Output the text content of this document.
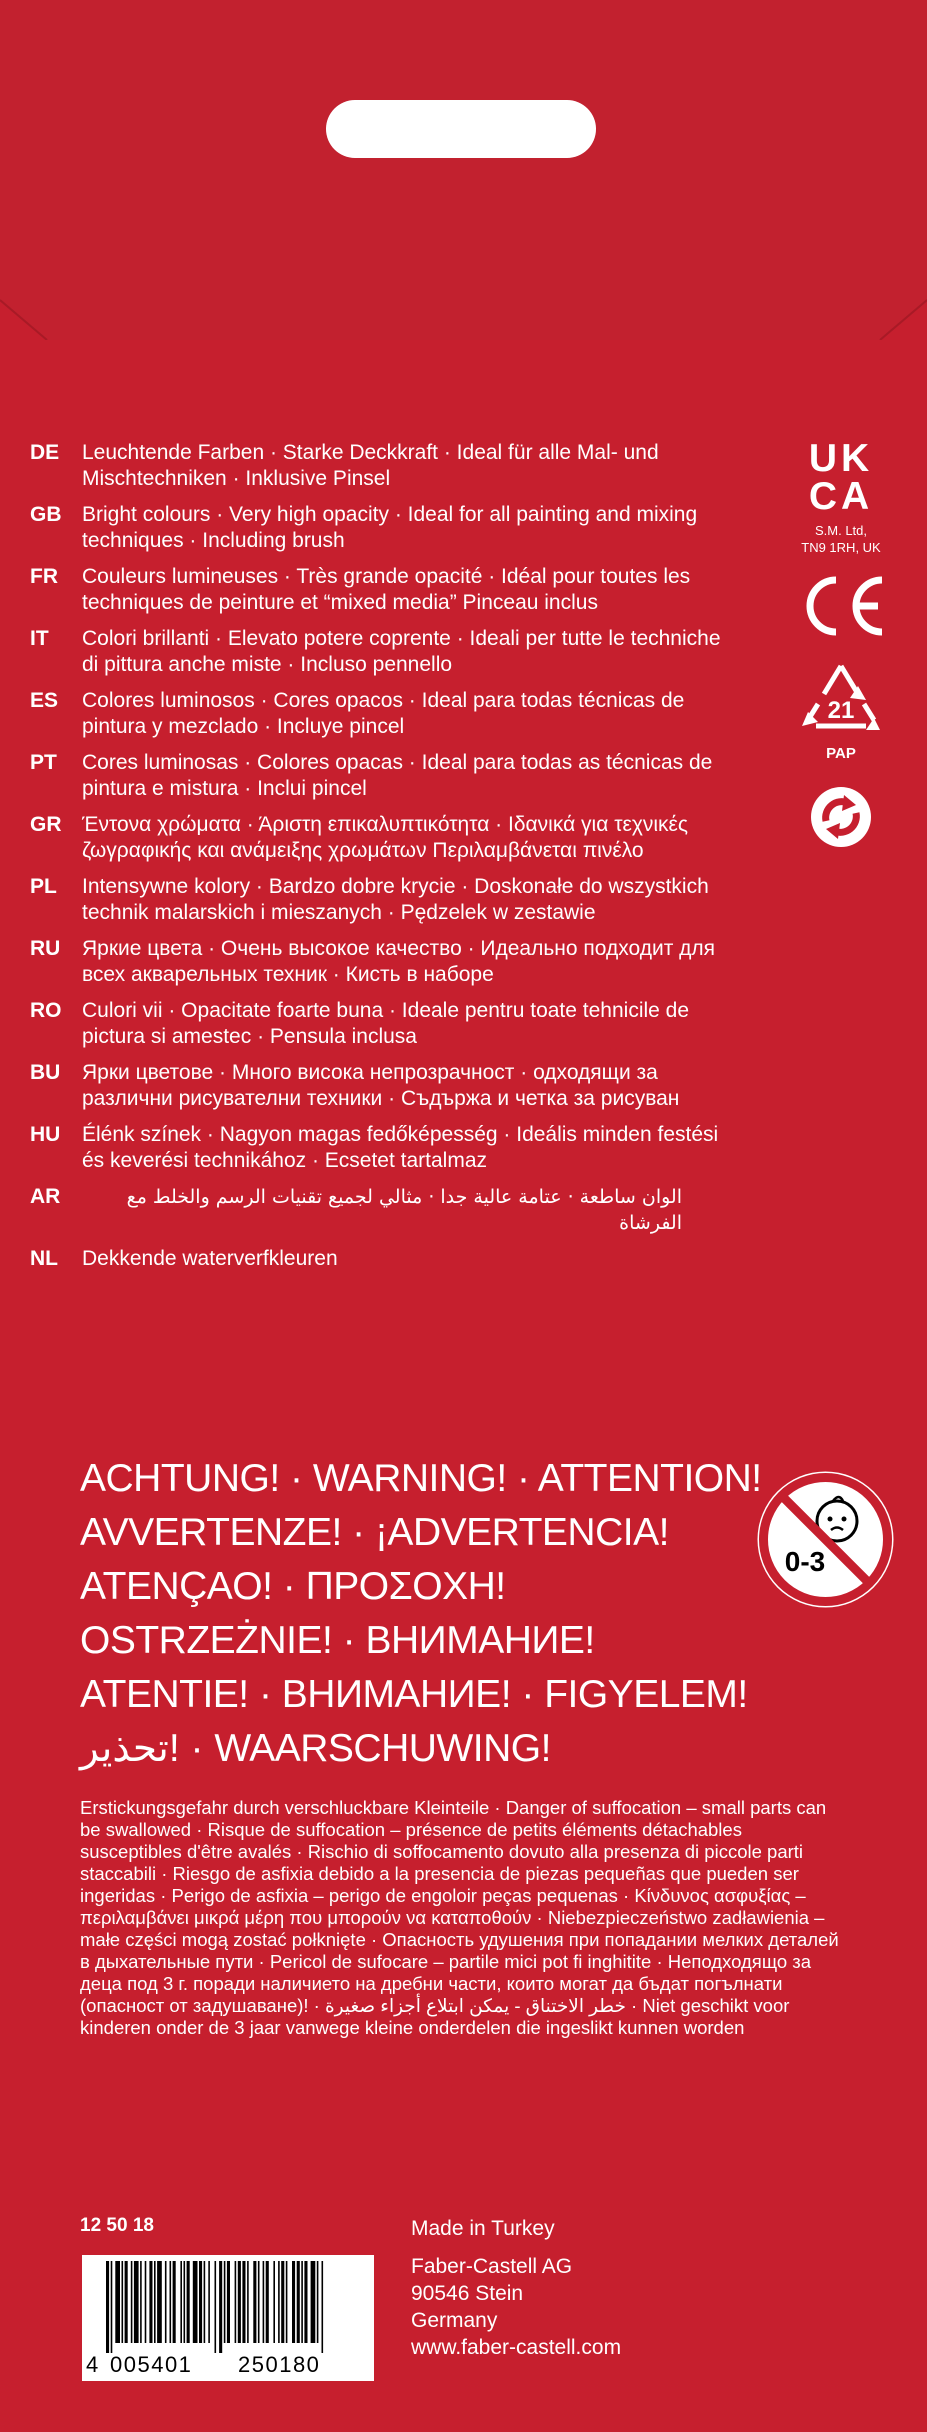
DE	Leuchtende Farben · Starke Deckkraft · Ideal für alle Mal- und Mischtechniken · Inklusive Pinsel
GB Bright colours · Very high opacity · Ideal for all painting and mixing techniques · Including brush
FR	Couleurs lumineuses · Très grande opacité · Idéal pour toutes les techniques de peinture et “mixed media” Pinceau inclus
IT	Colori brillanti · Elevato potere coprente · Ideali per tutte le techniche di pittura anche miste · Incluso pennello
ES	Colores luminosos · Cores opacos · Ideal para todas técnicas de pintura y mezclado · Incluye pincel
PT	Cores luminosas · Colores opacas · Ideal para todas as técnicas de pintura e mistura · Inclui pincel
GR Έντονα χρώματα · Άριστη επικαλυπτικότητα · Ιδανικά για τεχνικές ζωγραφικής και ανάμειξης χρωμάτων Περιλαμβάνεται πινέλο
PL	Intensywne kolory · Bardzo dobre krycie · Doskonałe do wszystkich technik malarskich i mieszanych · Pędzelek w zestawie
RU	Яркие цвета · Очень высокое качество · Идеально подходит для всех акварельных техник · Кисть в наборе
RO Culori vii · Opacitate foarte buna · Ideale pentru toate tehnicile de pictura si amestec · Pensula inclusa
BU	Ярки цветове · Много висока непрозрачност · одходящи за различни рисувателни техники · Съдържа и четка за рисуван
HU	Élénk színek · Nagyon magas fedőképesség · Ideális minden festési és keverési technikához · Ecsetet tartalmaz
AR	الوان ساطعة · عتامة عالية جدا · مثالي لجميع تقنيات الرسم والخلط مع الفرشاة
NL	Dekkende waterverfkleuren
UK
CA
S.M. Ltd,
TN9 1RH, UK
21
PAP
ACHTUNG! · WARNING! · ATTENTION!
AVVERTENZE! · ¡ADVERTENCIA!
ATENÇAO! · ΠΡΟΣΟΧΗ!
OSTRZEŻNIE! · ВНИМАНИЕ!
ATENTIE! · ВНИМАНИЕ! · FIGYELEM!
تحذير! · WAARSCHUWING!
0-3
Erstickungsgefahr durch verschluckbare Kleinteile · Danger of suffocation – small parts can be swallowed · Risque de suffocation – présence de petits éléments détachables susceptibles d'être avalés · Rischio di soffocamento dovuto alla presenza di piccole parti staccabili · Riesgo de asfixia debido a la presencia de piezas pequeñas que pueden ser ingeridas · Perigo de asfixia – perigo de engoloir peças pequenas · Κίνδυνος ασφυξίας – περιλαμβάνει μικρά μέρη που μπορούν να καταποθούν · Niebezpieczeństwo zadławienia – małe części mogą zostać połknięte · Опасность удушения при попадании мелких деталей в дыхательные пути · Pericol de sufocare – partile mici pot fi inghitite · Неподходящо за деца под 3 г. поради наличието на дребни части, които могат да бъдат погълнати (опасност от задушаване)! · خطر الاختناق - يمكن ابتلاع أجزاء صغيرة · Niet geschikt voor kinderen onder de 3 jaar vanwege kleine onderdelen die ingeslikt kunnen worden
12 50 18
4 005401 250180
Made in Turkey
Faber-Castell AG
90546 Stein
Germany
www.faber-castell.com
